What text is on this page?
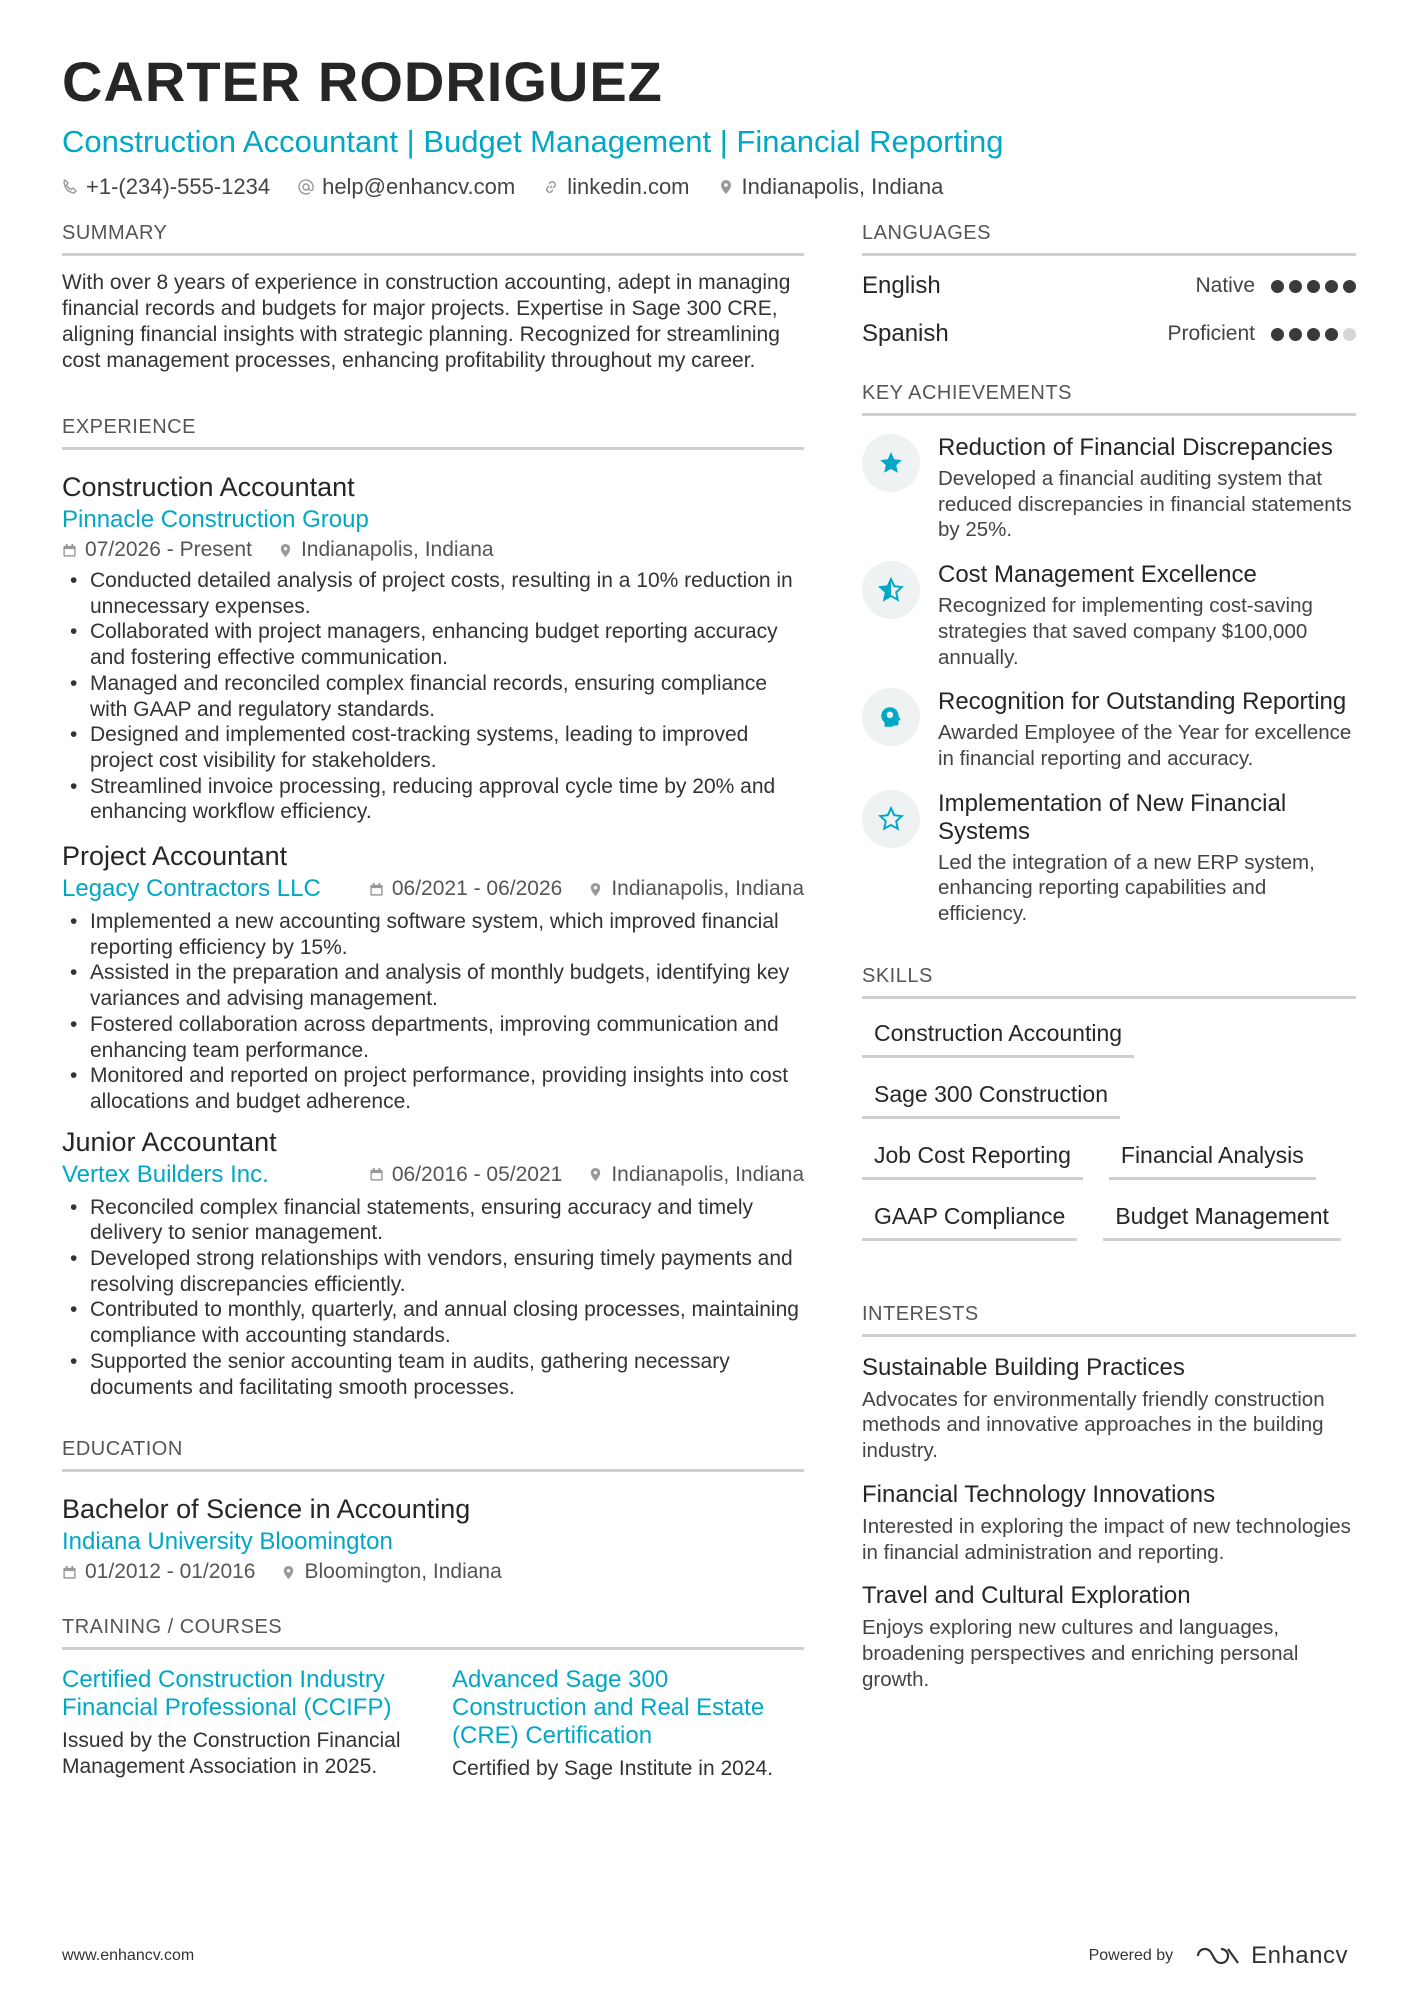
CARTER RODRIGUEZ
Construction Accountant | Budget Management | Financial Reporting
+1-(234)-555-1234 help@enhancv.com linkedin.com Indianapolis, Indiana
SUMMARY
With over 8 years of experience in construction accounting, adept in managing financial records and budgets for major projects. Expertise in Sage 300 CRE, aligning financial insights with strategic planning. Recognized for streamlining cost management processes, enhancing profitability throughout my career.
EXPERIENCE
Construction Accountant
Pinnacle Construction Group
07/2026 - Present Indianapolis, Indiana
• Conducted detailed analysis of project costs, resulting in a 10% reduction in unnecessary expenses.
• Collaborated with project managers, enhancing budget reporting accuracy and fostering effective communication.
• Managed and reconciled complex financial records, ensuring compliance with GAAP and regulatory standards.
• Designed and implemented cost-tracking systems, leading to improved project cost visibility for stakeholders.
• Streamlined invoice processing, reducing approval cycle time by 20% and enhancing workflow efficiency.
Project Accountant
Legacy Contractors LLC	06/2021 - 06/2026 Indianapolis, Indiana
• Implemented a new accounting software system, which improved financial reporting efficiency by 15%.
• Assisted in the preparation and analysis of monthly budgets, identifying key variances and advising management.
• Fostered collaboration across departments, improving communication and enhancing team performance.
• Monitored and reported on project performance, providing insights into cost allocations and budget adherence.
Junior Accountant
Vertex Builders Inc.	06/2016 - 05/2021 Indianapolis, Indiana
• Reconciled complex financial statements, ensuring accuracy and timely delivery to senior management.
• Developed strong relationships with vendors, ensuring timely payments and resolving discrepancies efficiently.
• Contributed to monthly, quarterly, and annual closing processes, maintaining compliance with accounting standards.
• Supported the senior accounting team in audits, gathering necessary documents and facilitating smooth processes.
EDUCATION
Bachelor of Science in Accounting
Indiana University Bloomington
01/2012 - 01/2016 Bloomington, Indiana
TRAINING / COURSES
Certified Construction Industry Financial Professional (CCIFP)
Issued by the Construction Financial Management Association in 2025.
Advanced Sage 300 Construction and Real Estate (CRE) Certification
Certified by Sage Institute in 2024.
LANGUAGES
English	Native
Spanish	Proficient
KEY ACHIEVEMENTS
Reduction of Financial Discrepancies
Developed a financial auditing system that reduced discrepancies in financial statements by 25%.
Cost Management Excellence
Recognized for implementing cost-saving strategies that saved company $100,000 annually.
Recognition for Outstanding Reporting
Awarded Employee of the Year for excellence in financial reporting and accuracy.
Implementation of New Financial Systems
Led the integration of a new ERP system, enhancing reporting capabilities and efficiency.
SKILLS
Construction Accounting
Sage 300 Construction
Job Cost Reporting	Financial Analysis
GAAP Compliance	Budget Management
INTERESTS
Sustainable Building Practices
Advocates for environmentally friendly construction methods and innovative approaches in the building industry.
Financial Technology Innovations
Interested in exploring the impact of new technologies in financial administration and reporting.
Travel and Cultural Exploration
Enjoys exploring new cultures and languages, broadening perspectives and enriching personal growth.
www.enhancv.com	Powered by	Enhancv
